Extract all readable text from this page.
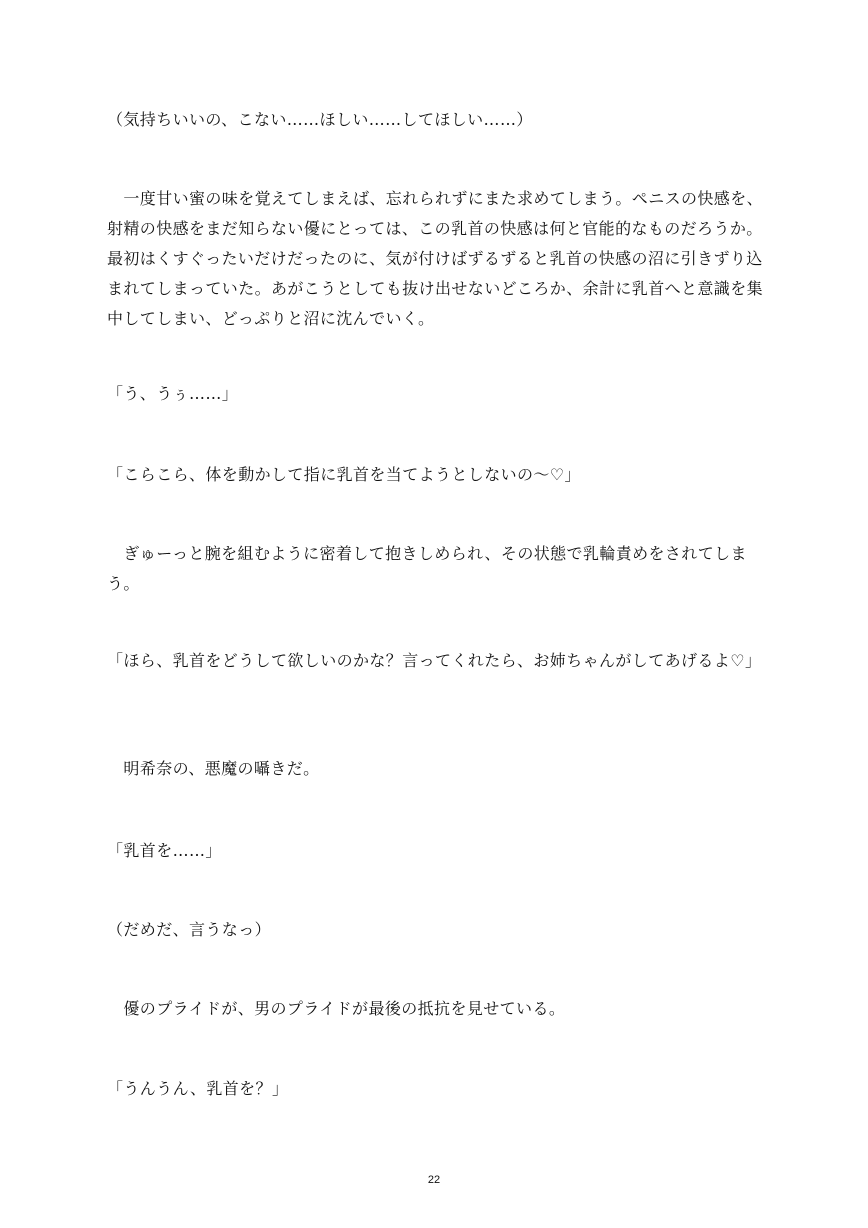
（気持ちいいの、こない……ほしい……してほしい……）
　一度甘い蜜の味を覚えてしまえば、忘れられずにまた求めてしまう。ペニスの快感を、射精の快感をまだ知らない優にとっては、この乳首の快感は何と官能的なものだろうか。最初はくすぐったいだけだったのに、気が付けばずるずると乳首の快感の沼に引きずり込まれてしまっていた。あがこうとしても抜け出せないどころか、余計に乳首へと意識を集中してしまい、どっぷりと沼に沈んでいく。
「う、うぅ……」
「こらこら、体を動かして指に乳首を当てようとしないの～♡」
　ぎゅーっと腕を組むように密着して抱きしめられ、その状態で乳輪責めをされてしまう。
「ほら、乳首をどうして欲しいのかな？言ってくれたら、お姉ちゃんがしてあげるよ♡」
　明希奈の、悪魔の囁きだ。
「乳首を……」
（だめだ、言うなっ）
　優のプライドが、男のプライドが最後の抵抗を見せている。
「うんうん、乳首を？」
22
